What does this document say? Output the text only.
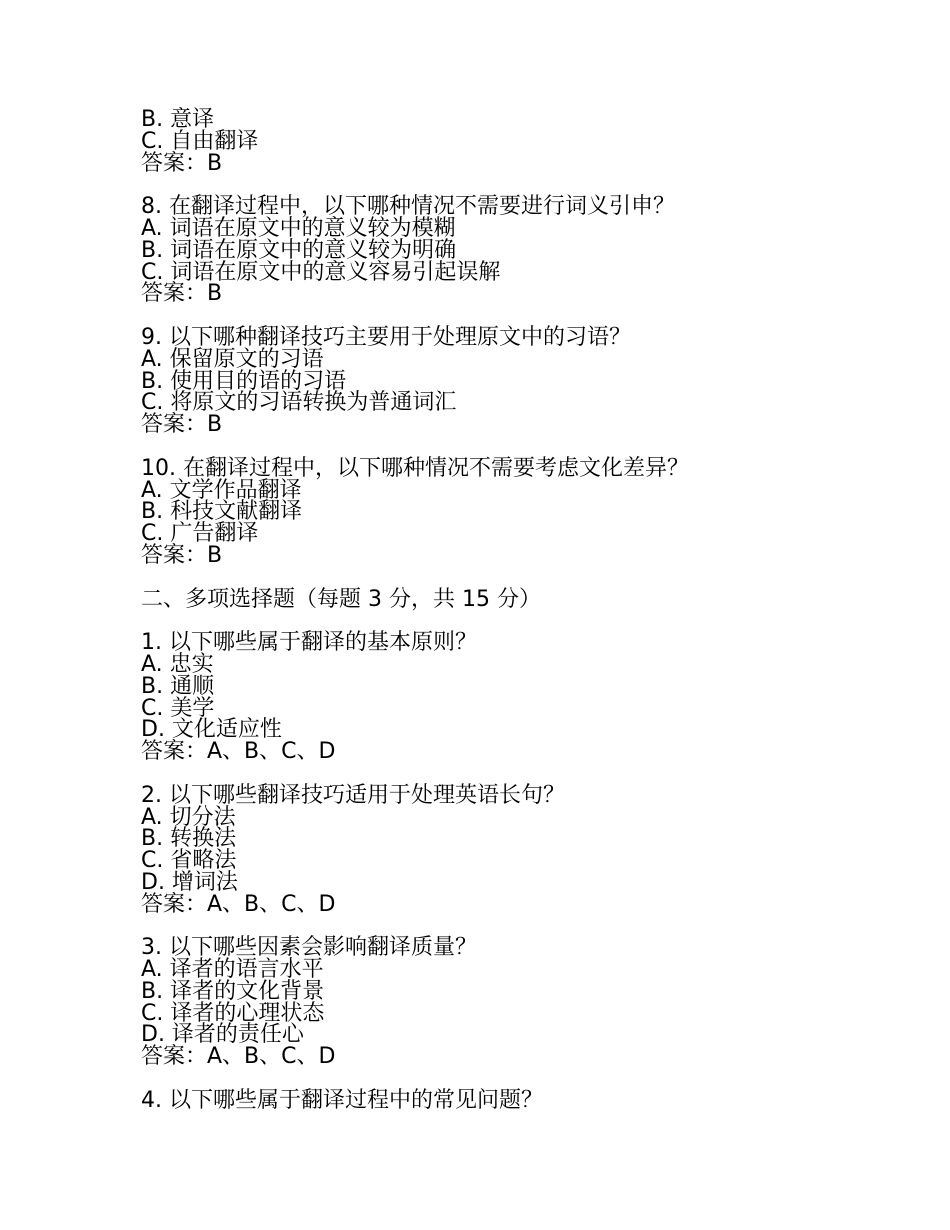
B. 意译
C. 自由翻译
答案：B
8. 在翻译过程中，以下哪种情况不需要进行词义引申？
A. 词语在原文中的意义较为模糊
B. 词语在原文中的意义较为明确
C. 词语在原文中的意义容易引起误解
答案：B
9. 以下哪种翻译技巧主要用于处理原文中的习语？
A. 保留原文的习语
B. 使用目的语的习语
C. 将原文的习语转换为普通词汇
答案：B
10. 在翻译过程中，以下哪种情况不需要考虑文化差异？
A. 文学作品翻译
B. 科技文献翻译
C. 广告翻译
答案：B
二、多项选择题（每题 3 分，共 15 分）
1. 以下哪些属于翻译的基本原则？
A. 忠实
B. 通顺
C. 美学
D. 文化适应性
答案：A、B、C、D
2. 以下哪些翻译技巧适用于处理英语长句？
A. 切分法
B. 转换法
C. 省略法
D. 增词法
答案：A、B、C、D
3. 以下哪些因素会影响翻译质量？
A. 译者的语言水平
B. 译者的文化背景
C. 译者的心理状态
D. 译者的责任心
答案：A、B、C、D
4. 以下哪些属于翻译过程中的常见问题？
